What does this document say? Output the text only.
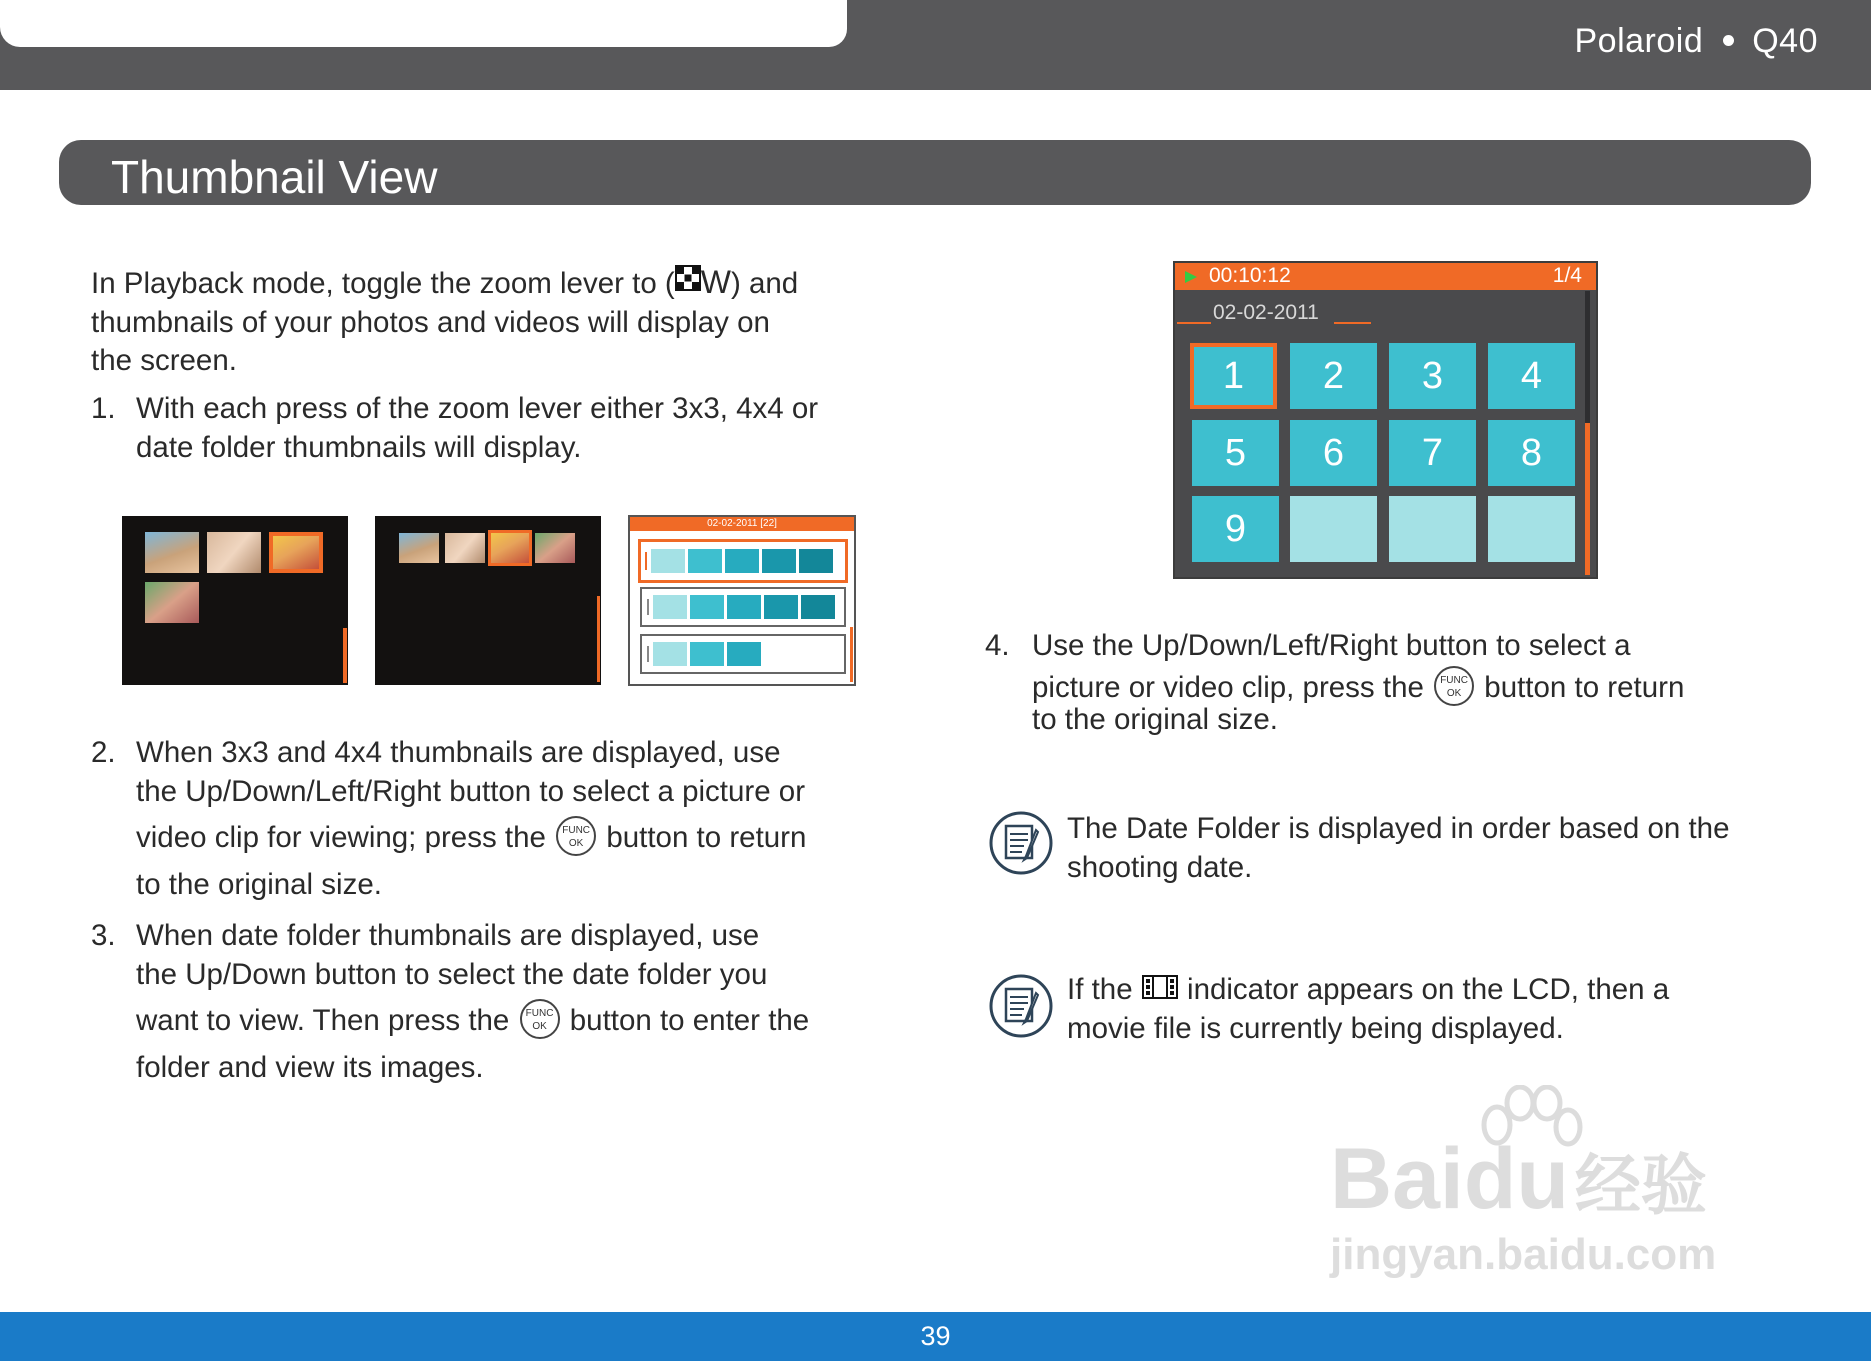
Polaroid Q40
Thumbnail View
In Playback mode, toggle the zoom lever to ( W) and
thumbnails of your photos and videos will display on
the screen.
1. With each press of the zoom lever either 3x3, 4x4 or
date folder thumbnails will display.
02-02-2011 [22]
2. When 3x3 and 4x4 thumbnails are displayed, use
the Up/Down/Left/Right button to select a picture or
video clip for viewing; press the	FUNC
OK button to return
to the original size.
3. When date folder thumbnails are displayed, use
the Up/Down button to select the date folder you
want to view. Then press the	FUNC
OK button to enter the
folder and view its images.
00:10:12	1/4
02-02-2011
1	2	3	4
5	6	7	8
9
4. Use the Up/Down/Left/Right button to select a
picture or video clip, press the	FUNC
OK button to return
to the original size.
The Date Folder is displayed in order based on the
shooting date.
If the indicator appears on the LCD, then a
movie file is currently being displayed.
Baidu经验
jingyan.baidu.com
39
